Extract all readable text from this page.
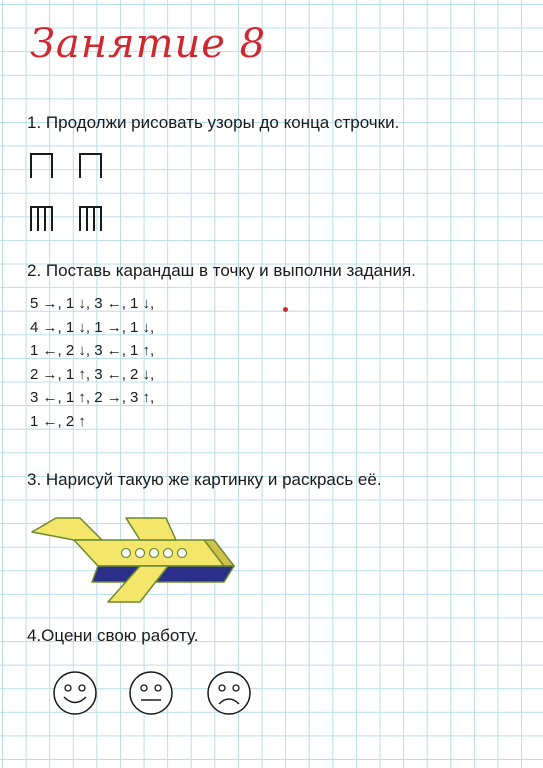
Занятие 8
1. Продолжи рисовать узоры до конца строчки.
2. Поставь карандаш в точку и выполни задания.
5 →, 1 ↓, 3 ←, 1 ↓,
4 →, 1 ↓, 1 →, 1 ↓,
1 ←, 2 ↓, 3 ←, 1 ↑,
2 →, 1 ↑, 3 ←, 2 ↓,
3 ←, 1 ↑, 2 →, 3 ↑,
1 ←, 2 ↑
3. Нарисуй такую же картинку и раскрась её.
4.Оцени свою работу.
